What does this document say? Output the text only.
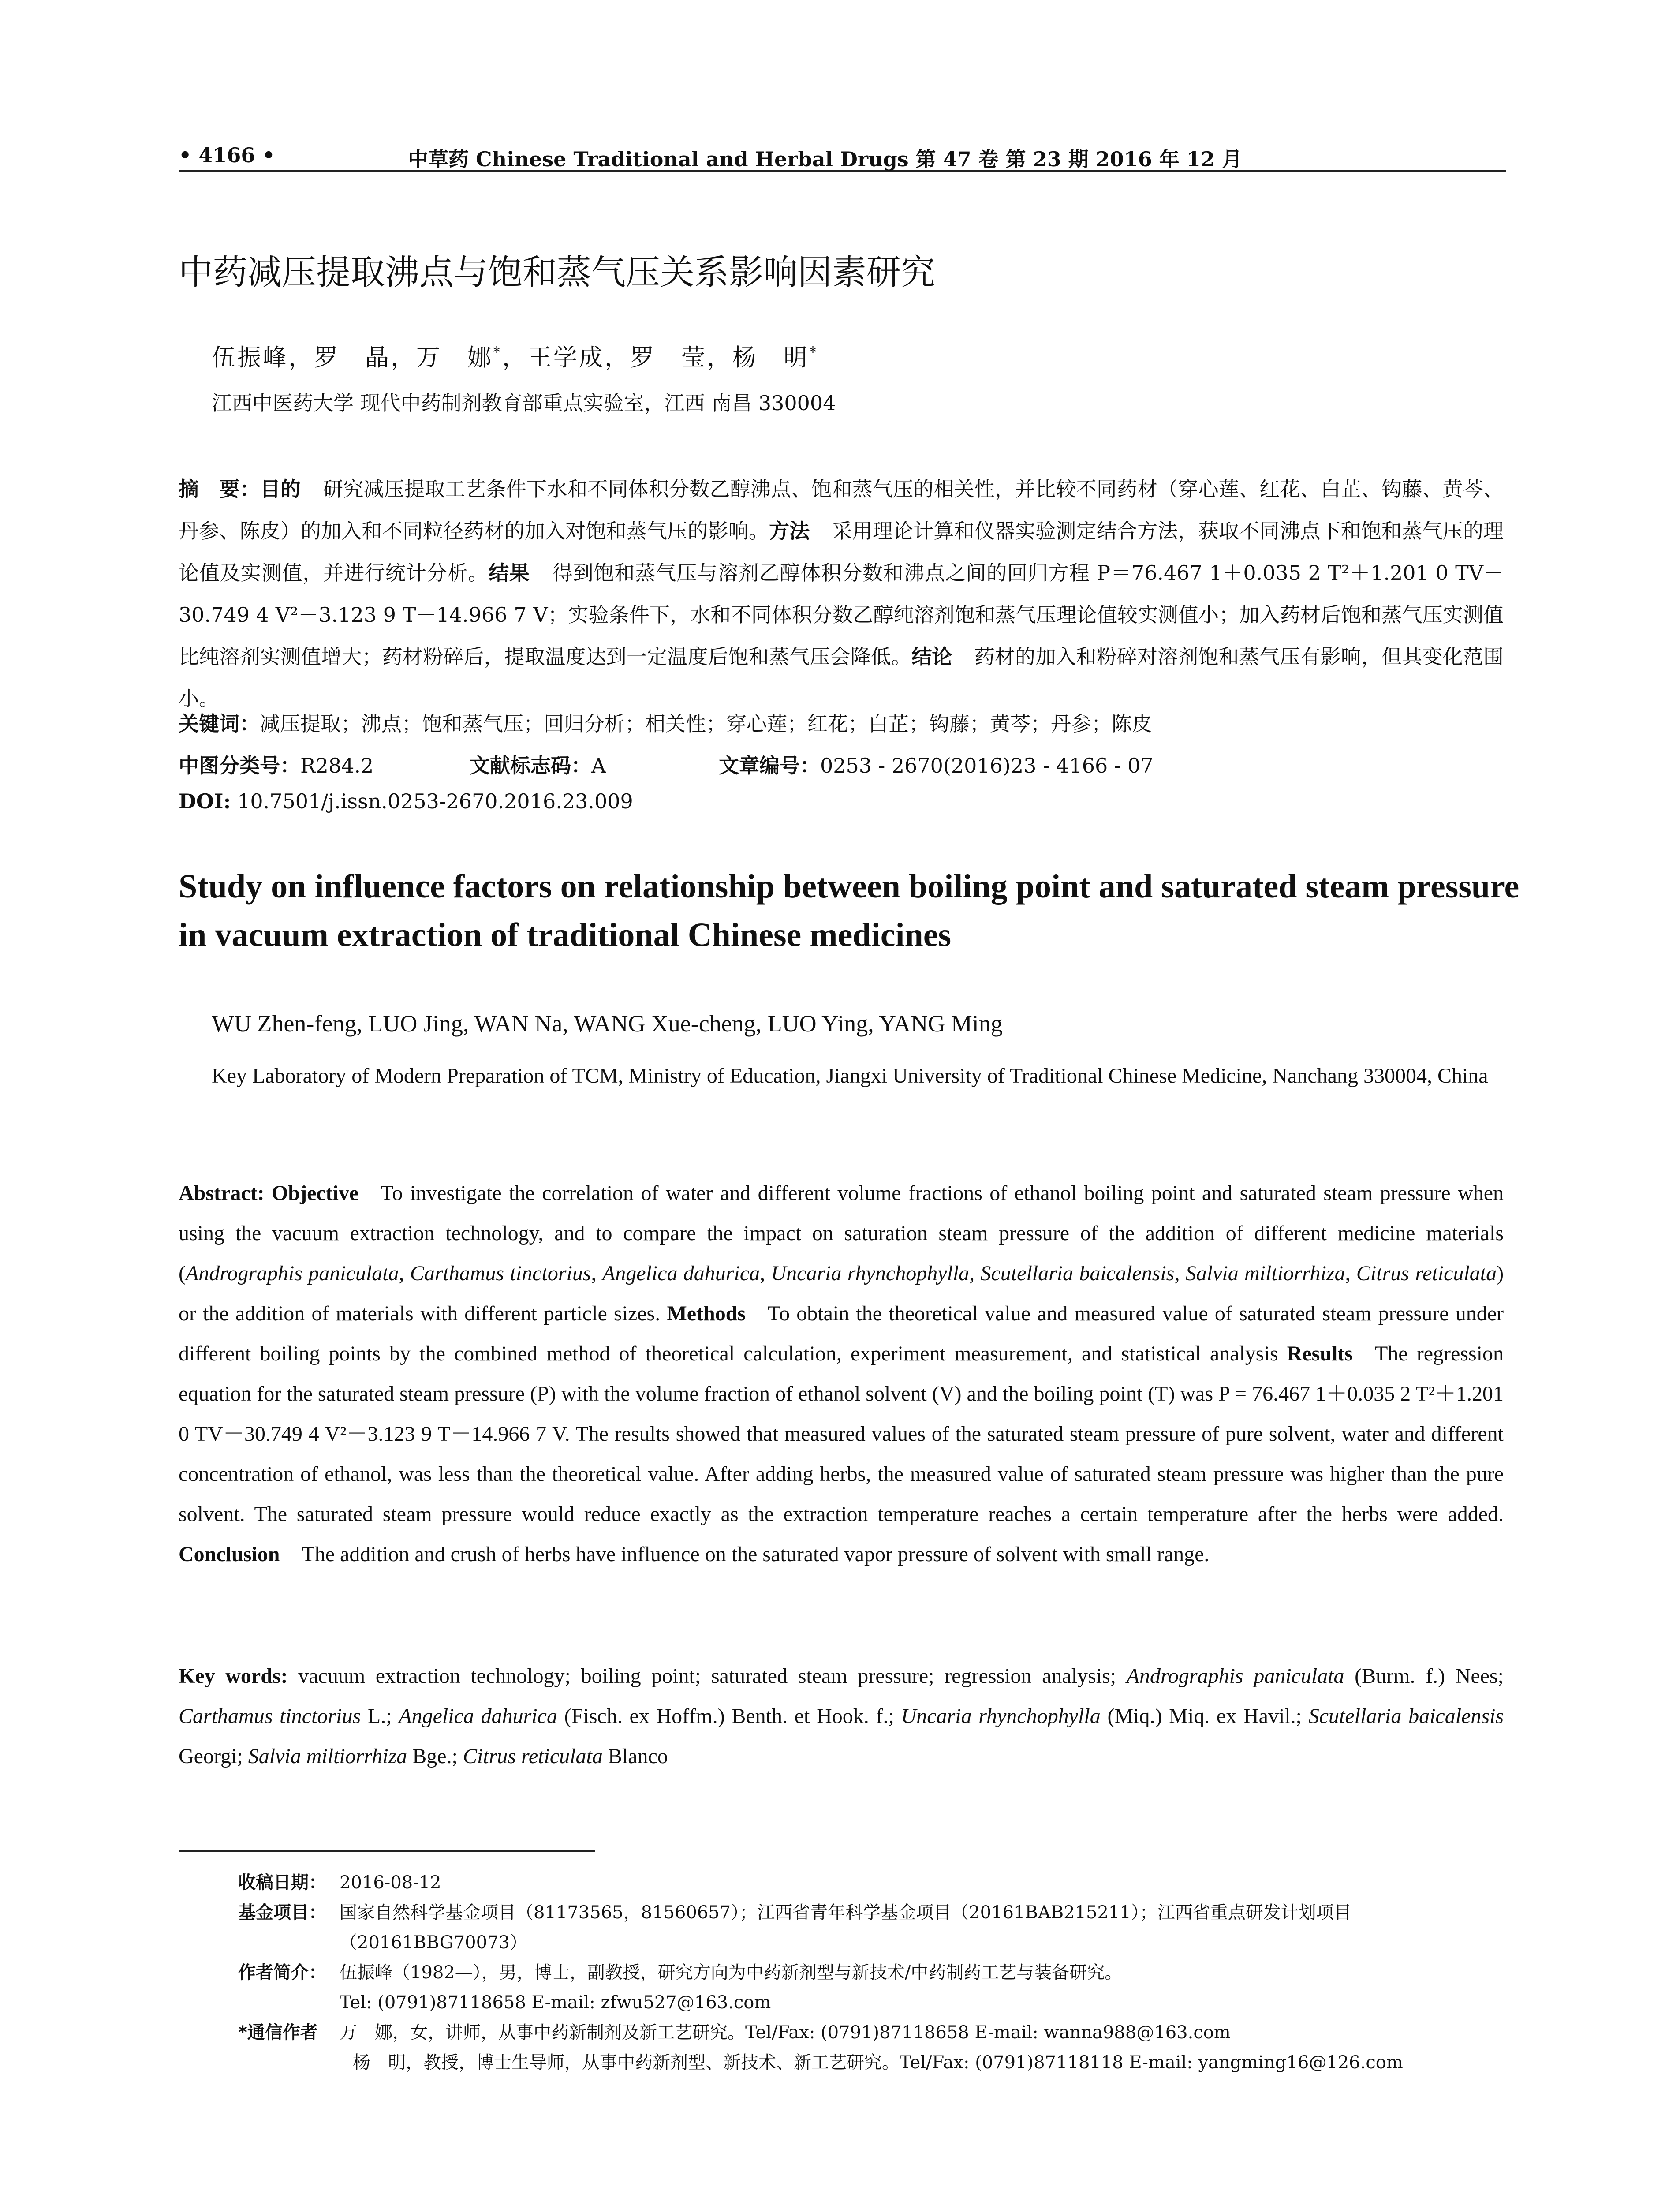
• 4166 •	中草药 Chinese Traditional and Herbal Drugs 第 47 卷 第 23 期 2016 年 12 月
中药减压提取沸点与饱和蒸气压关系影响因素研究
伍振峰，罗　晶，万　娜*，王学成，罗　莹，杨　明*
江西中医药大学 现代中药制剂教育部重点实验室，江西 南昌 330004
摘　要：目的 研究减压提取工艺条件下水和不同体积分数乙醇沸点、饱和蒸气压的相关性，并比较不同药材（穿心莲、红花、白芷、钩藤、黄芩、丹参、陈皮）的加入和不同粒径药材的加入对饱和蒸气压的影响。方法 采用理论计算和仪器实验测定结合方法，获取不同沸点下和饱和蒸气压的理论值及实测值，并进行统计分析。结果 得到饱和蒸气压与溶剂乙醇体积分数和沸点之间的回归方程 P＝76.467 1＋0.035 2 T²＋1.201 0 TV－30.749 4 V²－3.123 9 T－14.966 7 V；实验条件下，水和不同体积分数乙醇纯溶剂饱和蒸气压理论值较实测值小；加入药材后饱和蒸气压实测值比纯溶剂实测值增大；药材粉碎后，提取温度达到一定温度后饱和蒸气压会降低。结论 药材的加入和粉碎对溶剂饱和蒸气压有影响，但其变化范围小。
关键词：减压提取；沸点；饱和蒸气压；回归分析；相关性；穿心莲；红花；白芷；钩藤；黄芩；丹参；陈皮
中图分类号：R284.2	文献标志码：A	文章编号：0253 - 2670(2016)23 - 4166 - 07
DOI: 10.7501/j.issn.0253-2670.2016.23.009
Study on influence factors on relationship between boiling point and saturated steam pressure in vacuum extraction of traditional Chinese medicines
WU Zhen-feng, LUO Jing, WAN Na, WANG Xue-cheng, LUO Ying, YANG Ming
Key Laboratory of Modern Preparation of TCM, Ministry of Education, Jiangxi University of Traditional Chinese Medicine, Nanchang 330004, China
Abstract: Objective To investigate the correlation of water and different volume fractions of ethanol boiling point and saturated steam pressure when using the vacuum extraction technology, and to compare the impact on saturation steam pressure of the addition of different medicine materials (Andrographis paniculata, Carthamus tinctorius, Angelica dahurica, Uncaria rhynchophylla, Scutellaria baicalensis, Salvia miltiorrhiza, Citrus reticulata) or the addition of materials with different particle sizes. Methods To obtain the theoretical value and measured value of saturated steam pressure under different boiling points by the combined method of theoretical calculation, experiment measurement, and statistical analysis Results The regression equation for the saturated steam pressure (P) with the volume fraction of ethanol solvent (V) and the boiling point (T) was P = 76.467 1＋0.035 2 T²＋1.201 0 TV－30.749 4 V²－3.123 9 T－14.966 7 V. The results showed that measured values of the saturated steam pressure of pure solvent, water and different concentration of ethanol, was less than the theoretical value. After adding herbs, the measured value of saturated steam pressure was higher than the pure solvent. The saturated steam pressure would reduce exactly as the extraction temperature reaches a certain temperature after the herbs were added. Conclusion The addition and crush of herbs have influence on the saturated vapor pressure of solvent with small range.
Key words: vacuum extraction technology; boiling point; saturated steam pressure; regression analysis; Andrographis paniculata (Burm. f.) Nees; Carthamus tinctorius L.; Angelica dahurica (Fisch. ex Hoffm.) Benth. et Hook. f.; Uncaria rhynchophylla (Miq.) Miq. ex Havil.; Scutellaria baicalensis Georgi; Salvia miltiorrhiza Bge.; Citrus reticulata Blanco
收稿日期： 2016-08-12
基金项目： 国家自然科学基金项目（81173565，81560657）；江西省青年科学基金项目（20161BAB215211）；江西省重点研发计划项目（20161BBG70073）
作者简介： 伍振峰（1982—），男，博士，副教授，研究方向为中药新剂型与新技术/中药制药工艺与装备研究。
Tel: (0791)87118658 E-mail: zfwu527@163.com
*通信作者 万　娜，女，讲师，从事中药新制剂及新工艺研究。Tel/Fax: (0791)87118658 E-mail: wanna988@163.com
杨　明，教授，博士生导师，从事中药新剂型、新技术、新工艺研究。Tel/Fax: (0791)87118118 E-mail: yangming16@126.com
